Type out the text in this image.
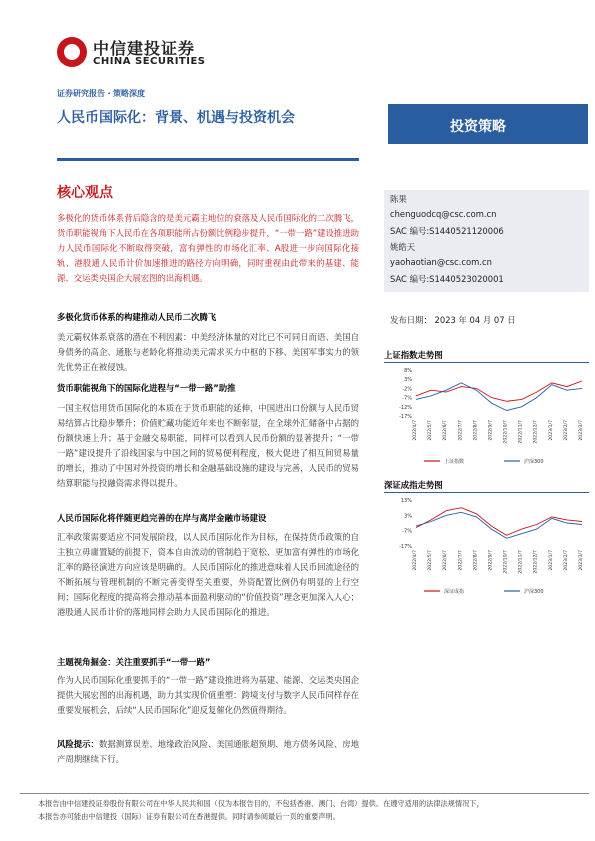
中信建投证券
CHINA SECURITIES
证券研究报告・策略深度
人民币国际化：背景、机遇与投资机会
投资策略
核心观点
多极化的货币体系背后隐含的是美元霸主地位的衰落及人民币国际化的二次腾飞，货币职能视角下人民币在各项职能所占份额比例稳步提升，“一带一路”建设推进助力人民币国际化不断取得突破，富有弹性的市场化汇率、A股进一步向国际化接轨、港股通人民币计价加速推进的路径方向明确，同时重视由此带来的基建、能源、交运类央国企大展宏图的出海机遇。
多极化货币体系的构建推动人民币二次腾飞
美元霸权体系衰落的潜在不利因素：中美经济体量的对比已不可同日而语、美国自身债务的高企、通胀与老龄化将推动美元需求买力中枢的下移、美国军事实力的领先优势正在被侵蚀。
货币职能视角下的国际化进程与“一带一路”助推
一国主权信用货币国际化的本质在于货币职能的延伸，中国进出口份额与人民币贸易结算占比稳步攀升；价值贮藏功能近年来也不断彰显，在全球外汇储备中占据的份额快速上升；基于金融交易职能，同样可以看到人民币份额的显著提升；“一带一路”建设提升了沿线国家与中国之间的贸易便利程度，极大促进了相互间贸易量的增长，推动了中国对外投资的增长和金融基础设施的建设与完善，人民币的贸易结算职能与投融资需求得以提升。
人民币国际化将伴随更趋完善的在岸与离岸金融市场建设
汇率政策需要适应不同发展阶段，以人民币国际化作为目标，在保持货币政策的自主独立毋庸置疑的前提下，资本自由流动的管制趋于宽松、更加富有弹性的市场化汇率的路径演进方向应该是明确的。人民币国际化的推进意味着人民币回流途径的不断拓展与管理机制的不断完善变得至关重要，外资配置比例仍有明显的上行空间；国际化程度的提高将会推动基本面盈利驱动的“价值投资”理念更加深入人心；港股通人民币计价的落地同样会助力人民币国际化的推进。
主题视角掘金：关注重要抓手“一带一路”
作为人民币国际化重要抓手的“一带一路”建设推进将为基建、能源、交运类央国企提供大展宏图的出海机遇，助力其实现价值重塑：跨境支付与数字人民币同样存在重要发展机会，后续“人民币国际化”迎反复催化仍然值得期待。
风险提示：数据测算误差、地缘政治风险、美国通胀超预期、地方债务风险、房地产周期继续下行。
陈果
chenguodcq@csc.com.cn
SAC 编号:S1440521120006
姚皓天
yaohaotian@csc.com.cn
SAC 编号:S1440523020001
发布日期： 2023 年 04 月 07 日
上证指数走势图
8%
3%
-2%
-7%
-12%
-17%
2022/4/7 2022/5/7 2022/6/7 2022/7/7 2022/8/7 2022/9/7 2022/10/7 2022/11/7 2022/12/7 2023/1/7 2023/2/7 2023/3/7
上证指数	沪深300
深证成指走势图
13%
3%
-7%
-17%
2022/4/7 2022/5/7 2022/6/7 2022/7/7 2022/8/7 2022/9/7 2022/10/7 2022/11/7 2022/12/7 2023/1/7 2023/2/7 2023/3/7
深证成指	沪深300
本报告由中信建投证券股份有限公司在中华人民共和国（仅为本报告目的，不包括香港、澳门、台湾）提供。在遵守适用的法律法规情况下，
本报告亦可能由中信建投（国际）证券有限公司在香港提供。同时请参阅最后一页的重要声明。
